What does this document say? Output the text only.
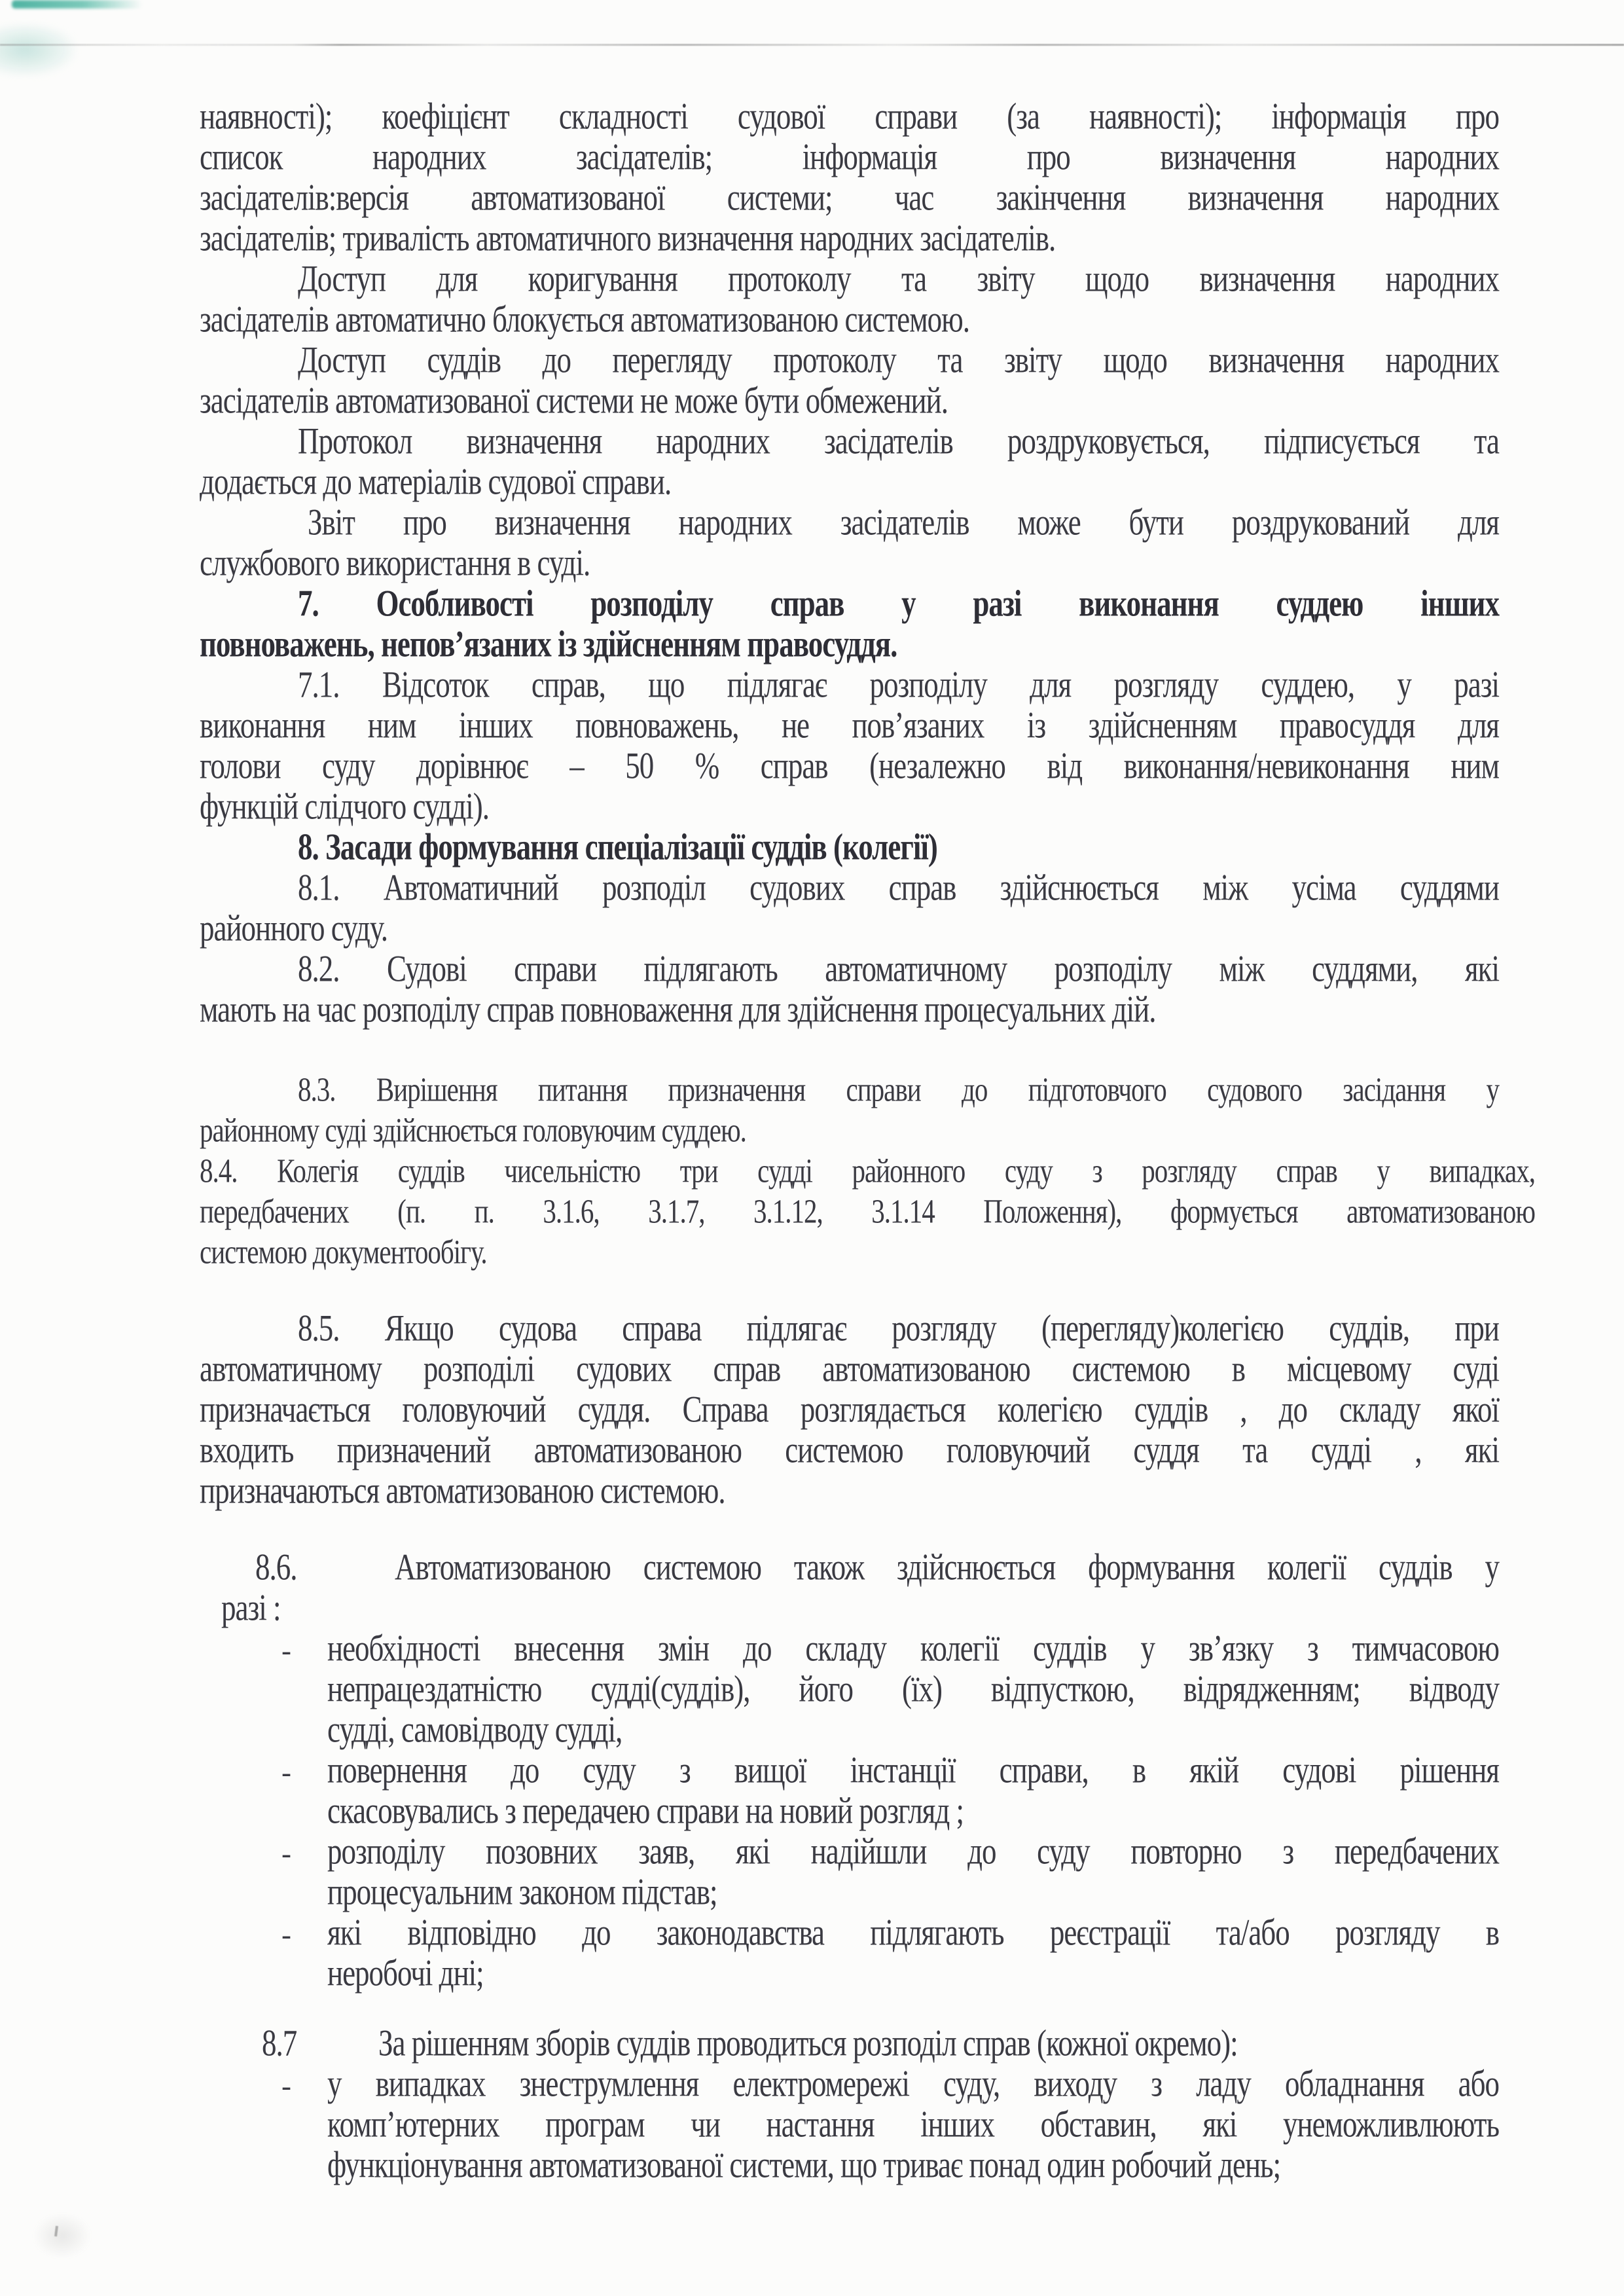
наявності); коефіцієнт складності судової справи (за наявності); інформація про
список народних засідателів; інформація про визначення народних
засідателів:версія автоматизованої системи; час закінчення визначення народних
засідателів; тривалість автоматичного визначення народних засідателів.
Доступ для коригування протоколу та звіту щодо визначення народних
засідателів автоматично блокується автоматизованою системою.
Доступ суддів до перегляду протоколу та звіту щодо визначення народних
засідателів автоматизованої системи не може бути обмежений.
Протокол визначення народних засідателів роздруковується, підписується та
додається до матеріалів судової справи.
Звіт про визначення народних засідателів може бути роздрукований для
службового використання в суді.
7. Особливості розподілу справ у разі виконання суддею інших
повноважень, непов’язаних із здійсненням правосуддя.
7.1. Відсоток справ, що підлягає розподілу для розгляду суддею, у разі
виконання ним інших повноважень, не пов’язаних із здійсненням правосуддя для
голови суду дорівнює – 50 % справ (незалежно від виконання/невиконання ним
функцій слідчого судді).
8. Засади формування спеціалізації суддів (колегії)
8.1. Автоматичний розподіл судових справ здійснюється між усіма суддями
районного суду.
8.2. Судові справи підлягають автоматичному розподілу між суддями, які
мають на час розподілу справ повноваження для здійснення процесуальних дій.
8.3. Вирішення питання призначення справи до підготовчого судового засідання у
районному суді здійснюється головуючим суддею.
8.4. Колегія суддів чисельністю три судді районного суду з розгляду справ у випадках,
передбачених (п. п. 3.1.6, 3.1.7, 3.1.12, 3.1.14 Положення), формується автоматизованою
системою документообігу.
8.5. Якщо судова справа підлягає розгляду (перегляду)колегією суддів, при
автоматичному розподілі судових справ автоматизованою системою в місцевому суді
призначається головуючий суддя. Справа розглядається колегією суддів , до складу якої
входить призначений автоматизованою системою головуючий суддя та судді , які
призначаються автоматизованою системою.
8.6.   Автоматизованою системою також здійснюється формування колегії суддів у
разі :
- необхідності внесення змін до складу колегії суддів у зв’язку з тимчасовою
непрацездатністю судді(суддів), його (їх) відпусткою, відрядженням; відводу
судді, самовідводу судді,
- повернення до суду з вищої інстанції справи, в якій судові рішення
скасовувались з передачею справи на новий розгляд ;
- розподілу позовних заяв, які надійшли до суду повторно з передбачених
процесуальним законом підстав;
- які відповідно до законодавства підлягають реєстрації та/або розгляду в
неробочі дні;
8.7	За рішенням зборів суддів проводиться розподіл справ (кожної окремо):
- у випадках знеструмлення електромережі суду, виходу з ладу обладнання або
комп’ютерних програм чи настання інших обставин, які унеможливлюють
функціонування автоматизованої системи, що триває понад один робочий день;
